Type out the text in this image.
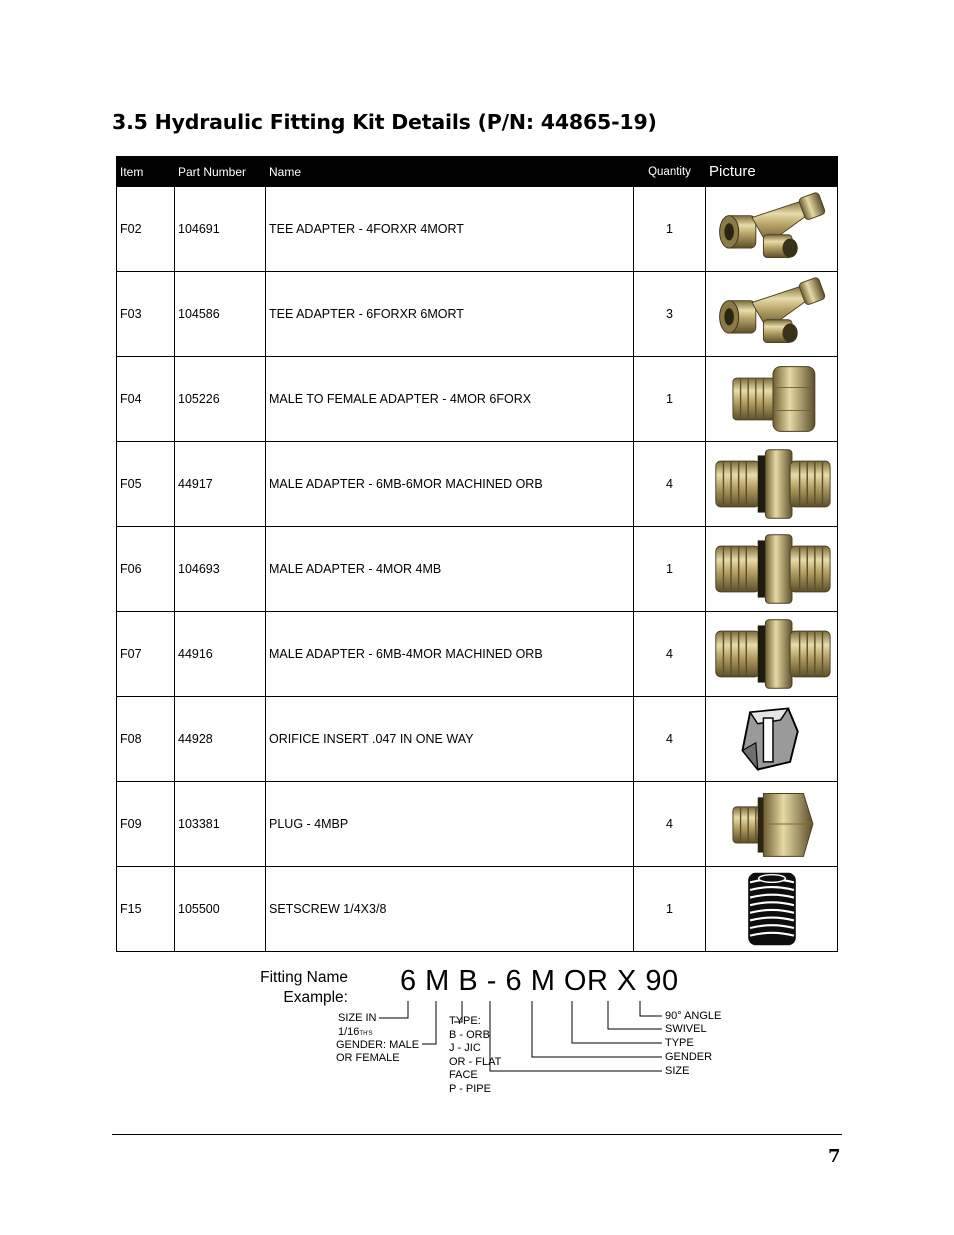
3.5 Hydraulic Fitting Kit Details (P/N: 44865-19)
Item	Part Number	Name	Quantity	Picture
F02	104691	TEE ADAPTER - 4FORXR 4MORT	1	

F03	104586	TEE ADAPTER - 6FORXR 6MORT	3	

F04	105226	MALE TO FEMALE ADAPTER - 4MOR 6FORX	1	

F05	44917	MALE ADAPTER - 6MB-6MOR MACHINED ORB	4	

F06	104693	MALE ADAPTER - 4MOR 4MB	1	

F07	44916	MALE ADAPTER - 6MB-4MOR MACHINED ORB	4	

F08	44928	ORIFICE INSERT .047 IN ONE WAY	4	

F09	103381	PLUG - 4MBP	4	

F15	105500	SETSCREW 1/4X3/8	1	
Fitting Name
Example:
6 M B - 6 M OR X 90
SIZE IN
1/16TH'S
GENDER: MALE
OR FEMALE
TYPE:
B - ORB
J - JIC
OR - FLAT
FACE
P - PIPE
90° ANGLE
SWIVEL
TYPE
GENDER
SIZE
7
